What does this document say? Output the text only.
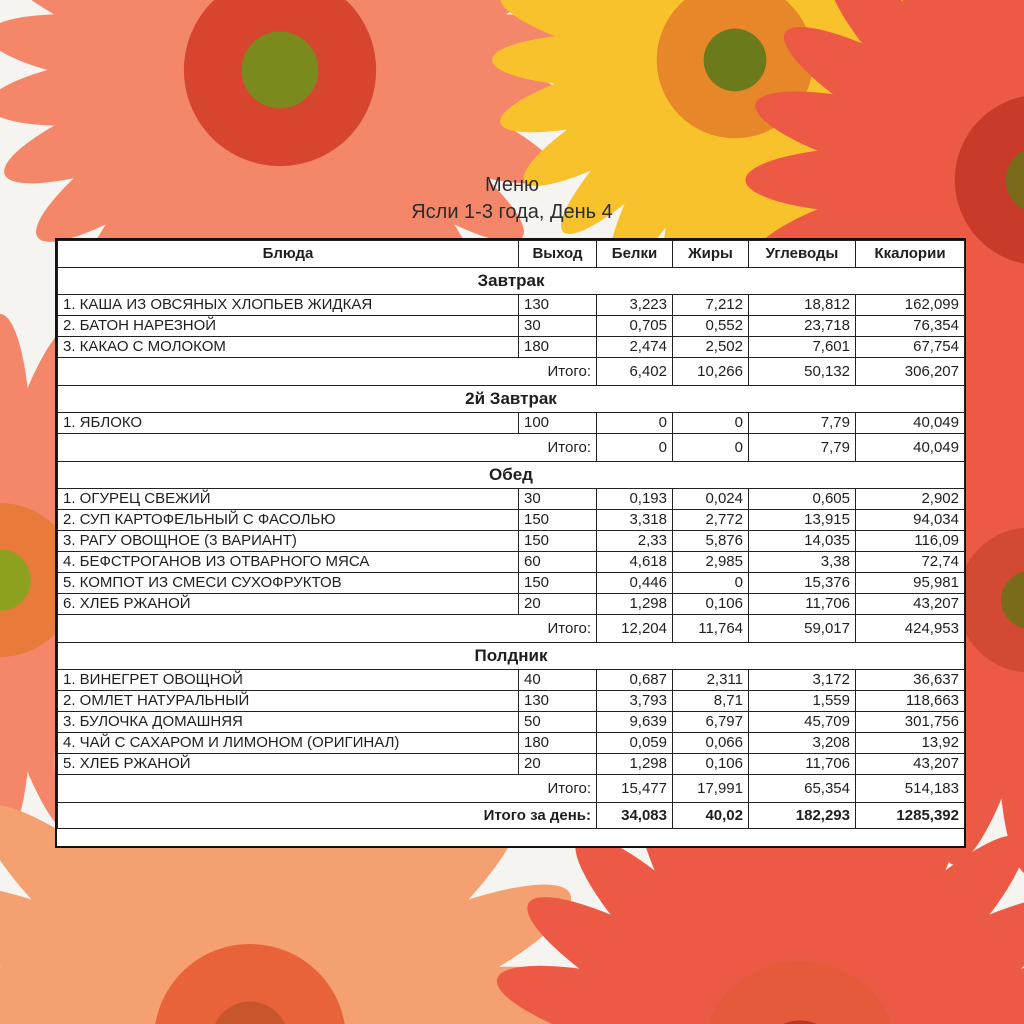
Меню
Ясли 1-3 года, День 4
Блюда	Выход	Белки	Жиры	Углеводы	Ккалории
Завтрак					
1. КАША ИЗ ОВСЯНЫХ ХЛОПЬЕВ ЖИДКАЯ	130	3,223	7,212	18,812	162,099
2. БАТОН НАРЕЗНОЙ	30	0,705	0,552	23,718	76,354
3. КАКАО С МОЛОКОМ	180	2,474	2,502	7,601	67,754
Итого:		6,402	10,266	50,132	306,207
2й Завтрак					
1. ЯБЛОКО	100	0	0	7,79	40,049
Итого:		0	0	7,79	40,049
Обед					
1. ОГУРЕЦ СВЕЖИЙ	30	0,193	0,024	0,605	2,902
2. СУП КАРТОФЕЛЬНЫЙ С ФАСОЛЬЮ	150	3,318	2,772	13,915	94,034
3. РАГУ ОВОЩНОЕ (3 ВАРИАНТ)	150	2,33	5,876	14,035	116,09
4. БЕФСТРОГАНОВ ИЗ ОТВАРНОГО МЯСА	60	4,618	2,985	3,38	72,74
5. КОМПОТ ИЗ СМЕСИ СУХОФРУКТОВ	150	0,446	0	15,376	95,981
6. ХЛЕБ РЖАНОЙ	20	1,298	0,106	11,706	43,207
Итого:		12,204	11,764	59,017	424,953
Полдник					
1. ВИНЕГРЕТ ОВОЩНОЙ	40	0,687	2,311	3,172	36,637
2. ОМЛЕТ НАТУРАЛЬНЫЙ	130	3,793	8,71	1,559	118,663
3. БУЛОЧКА ДОМАШНЯЯ	50	9,639	6,797	45,709	301,756
4. ЧАЙ С САХАРОМ И ЛИМОНОМ (ОРИГИНАЛ)	180	0,059	0,066	3,208	13,92
5. ХЛЕБ РЖАНОЙ	20	1,298	0,106	11,706	43,207
Итого:		15,477	17,991	65,354	514,183
Итого за день:		34,083	40,02	182,293	1285,392
